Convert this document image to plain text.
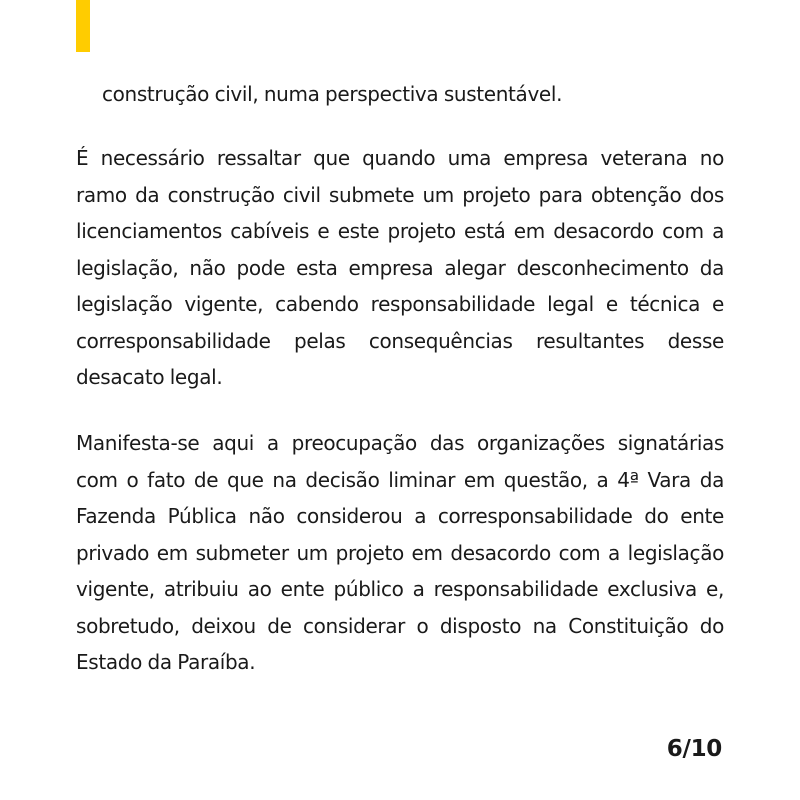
construção civil, numa perspectiva sustentável.

É necessário ressaltar que quando uma empresa veterana no ramo da construção civil submete um projeto para obtenção dos licenciamentos cabíveis e este projeto está em desacordo com a legislação, não pode esta empresa alegar desconhecimento da legislação vigente, cabendo responsabilidade legal e técnica e corresponsabilidade pelas consequências resultantes desse desacato legal.

Manifesta-se aqui a preocupação das organizações signatárias com o fato de que na decisão liminar em questão, a 4ª Vara da Fazenda Pública não considerou a corresponsabilidade do ente privado em submeter um projeto em desacordo com a legislação vigente, atribuiu ao ente público a responsabilidade exclusiva e, sobretudo, deixou de considerar o disposto na Constituição do Estado da Paraíba.

6/10
